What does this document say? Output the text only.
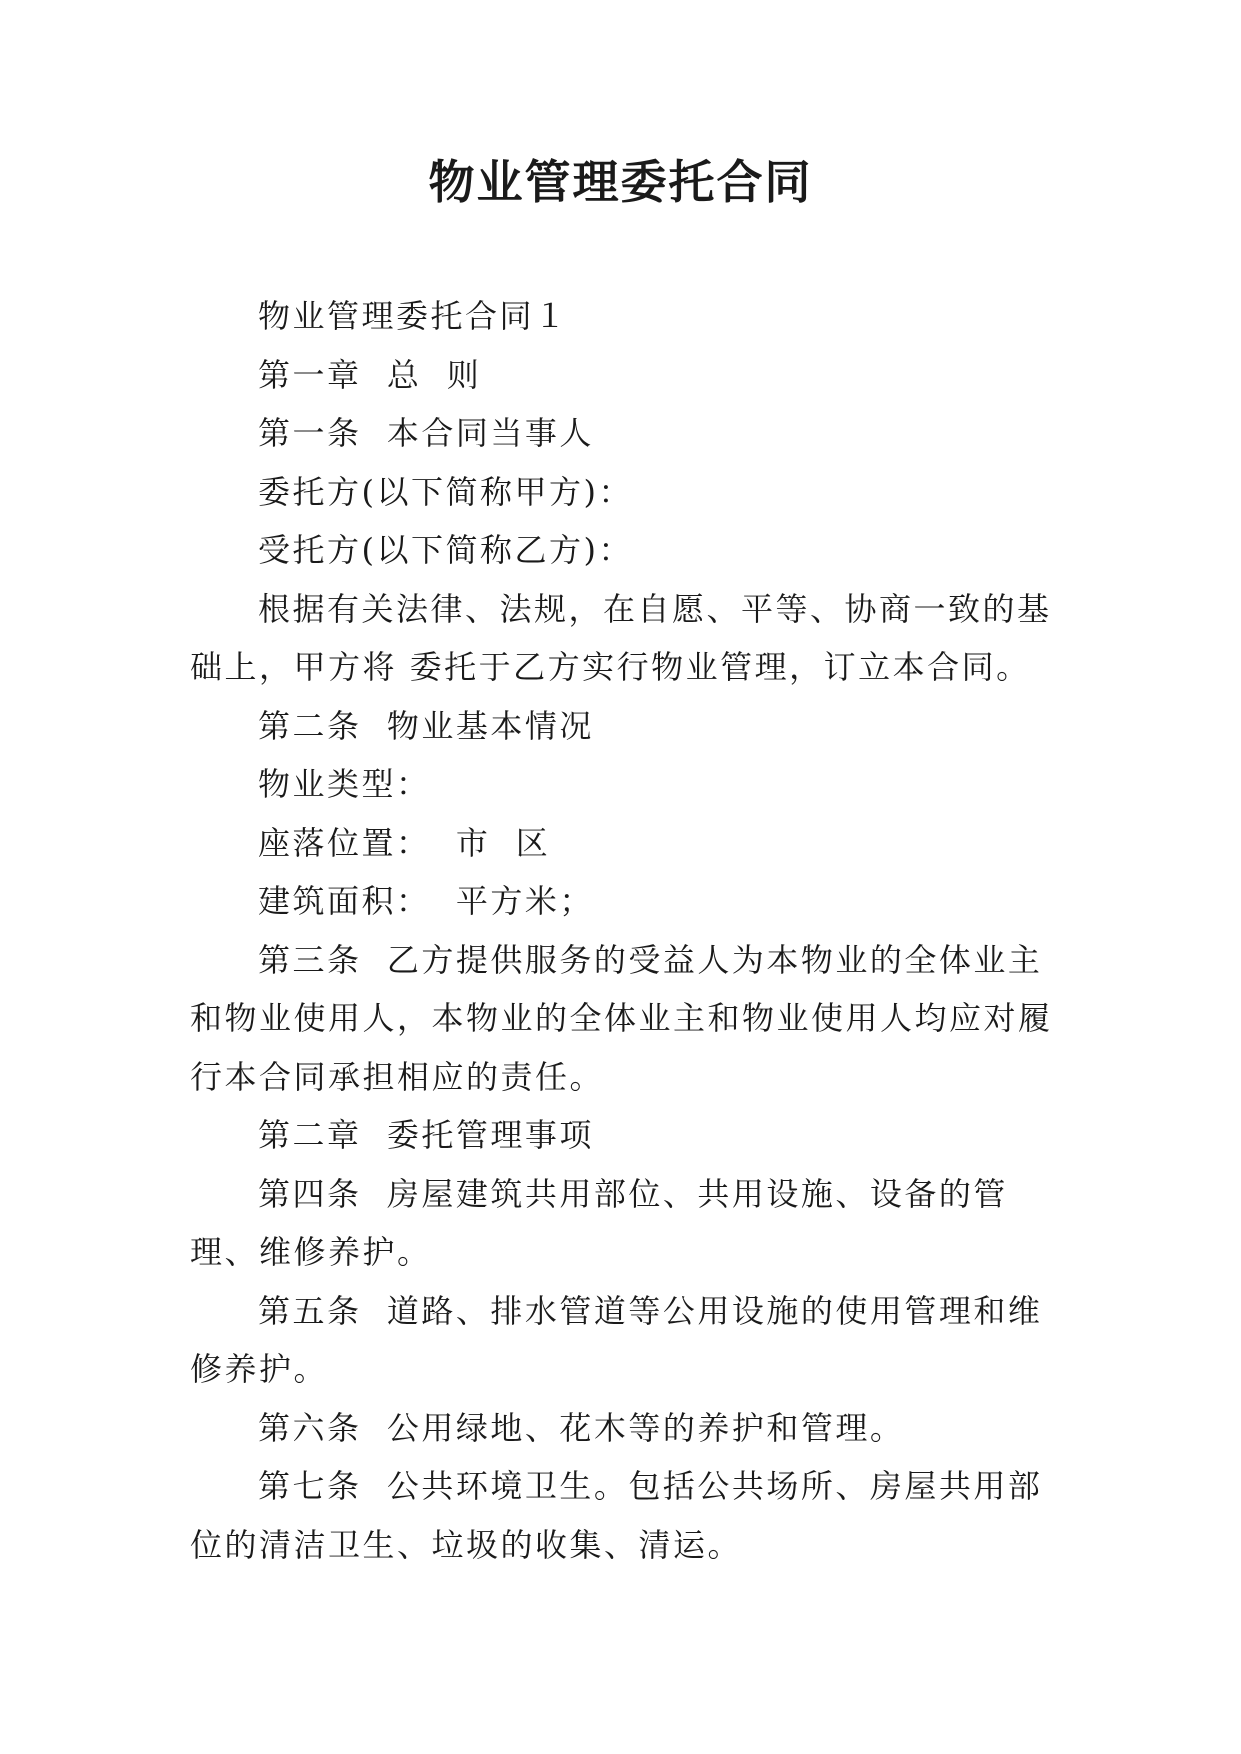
物业管理委托合同

物业管理委托合同１

第一章  总  则

第一条  本合同当事人

委托方(以下简称甲方)：

受托方(以下简称乙方)：

根据有关法律、法规，在自愿、平等、协商一致的基础上，甲方将 委托于乙方实行物业管理，订立本合同。

第二条  物业基本情况

物业类型：

座落位置：  市  区

建筑面积：  平方米；

第三条  乙方提供服务的受益人为本物业的全体业主和物业使用人，本物业的全体业主和物业使用人均应对履行本合同承担相应的责任。

第二章  委托管理事项

第四条  房屋建筑共用部位、共用设施、设备的管理、维修养护。

第五条  道路、排水管道等公用设施的使用管理和维修养护。

第六条  公用绿地、花木等的养护和管理。

第七条  公共环境卫生。包括公共场所、房屋共用部位的清洁卫生、垃圾的收集、清运。
